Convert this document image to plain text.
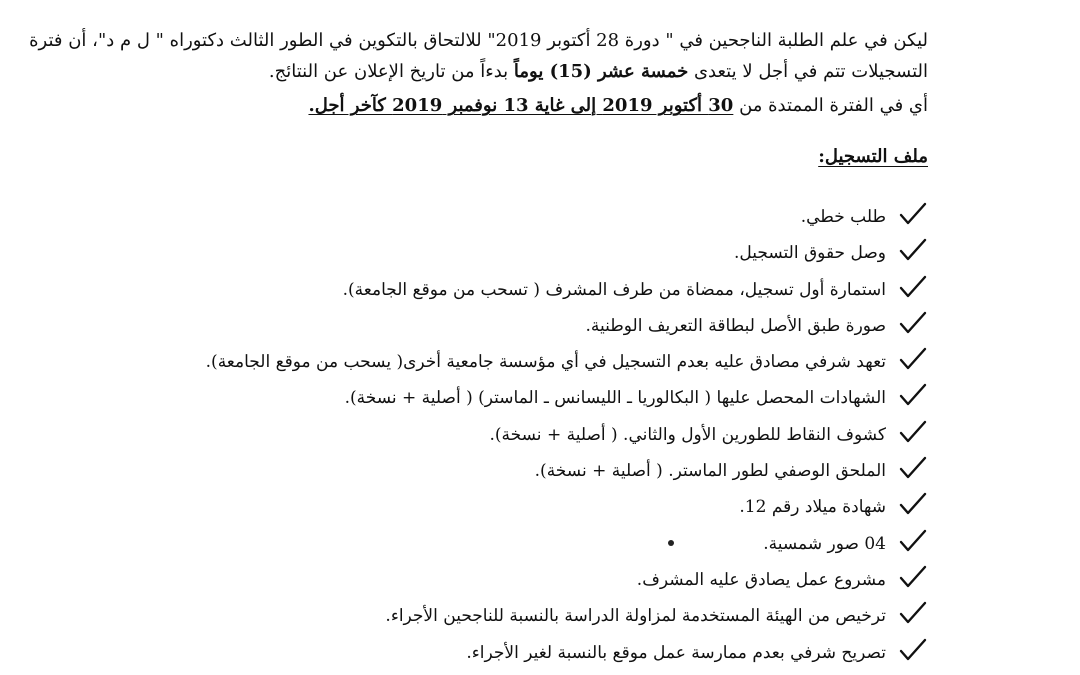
ليكن في علم الطلبة الناجحين في " دورة 28 أكتوبر 2019" للالتحاق بالتكوين في الطور الثالث دكتوراه " ل م د"، أن فترة
التسجيلات تتم في أجل لا يتعدى خمسة عشر (15) يوماً بدءاً من تاريخ الإعلان عن النتائج.
أي في الفترة الممتدة من 30 أكتوبر 2019 إلى غاية 13 نوفمبر 2019 كآخر أجل.
ملف التسجيل:
طلب خطي.
وصل حقوق التسجيل.
استمارة أول تسجيل، ممضاة من طرف المشرف ( تسحب من موقع الجامعة).
صورة طبق الأصل لبطاقة التعريف الوطنية.
تعهد شرفي مصادق عليه بعدم التسجيل في أي مؤسسة جامعية أخرى( يسحب من موقع الجامعة).
الشهادات المحصل عليها ( البكالوريا ـ الليسانس ـ الماستر) ( أصلية + نسخة).
كشوف النقاط للطورين الأول والثاني. ( أصلية + نسخة).
الملحق الوصفي لطور الماستر. ( أصلية + نسخة).
شهادة ميلاد رقم 12.
04 صور شمسية.
مشروع عمل يصادق عليه المشرف.
ترخيص من الهيئة المستخدمة لمزاولة الدراسة بالنسبة للناجحين الأجراء.
تصريح شرفي بعدم ممارسة عمل موقع بالنسبة لغير الأجراء.
